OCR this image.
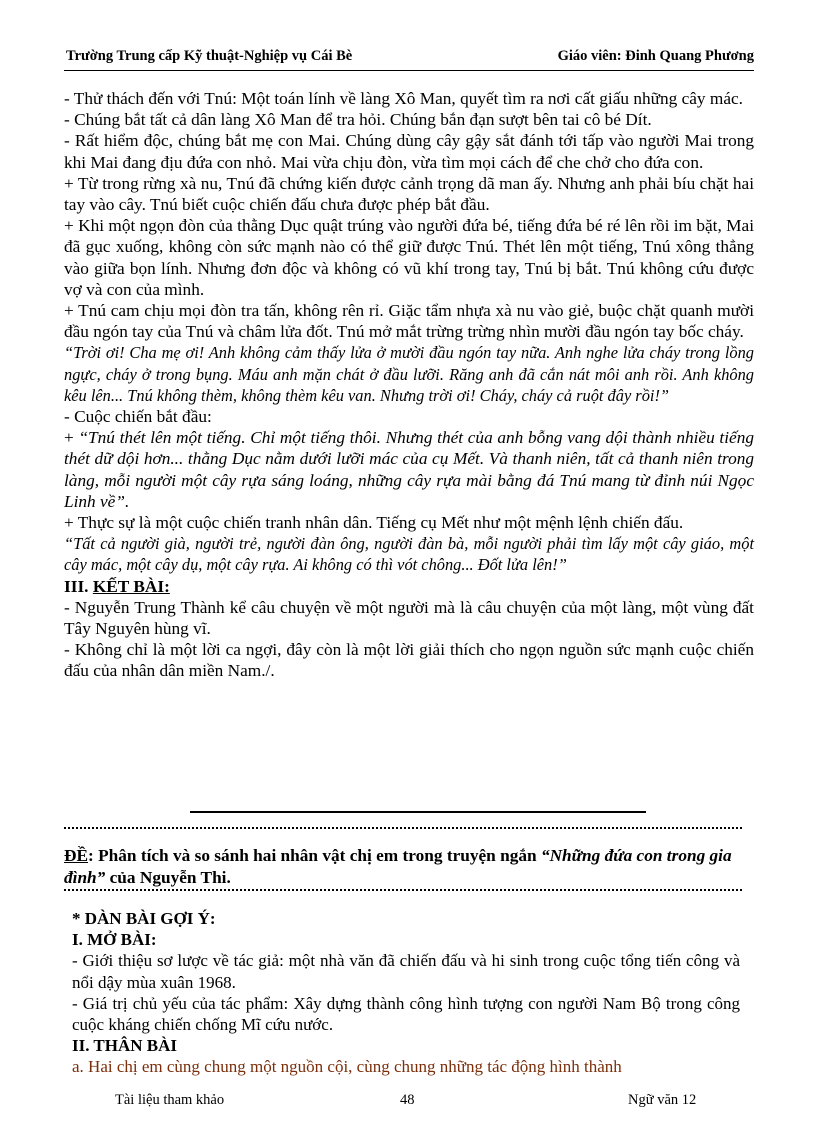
Trường Trung cấp Kỹ thuật-Nghiệp vụ Cái Bè	Giáo viên: Đinh Quang Phương

- Thử thách đến với Tnú: Một toán lính về làng Xô Man, quyết tìm ra nơi cất giấu những cây mác.

- Chúng bắt tất cả dân làng Xô Man để tra hỏi. Chúng bắn đạn sượt bên tai cô bé Dít.

- Rất hiểm độc, chúng bắt mẹ con Mai. Chúng dùng cây gậy sắt đánh tới tấp vào người Mai trong khi Mai đang địu đứa con nhỏ. Mai vừa chịu đòn, vừa tìm mọi cách để che chở cho đứa con.

+ Từ trong rừng xà nu, Tnú đã chứng kiến được cảnh trọng dã man ấy. Nhưng anh phải bíu chặt hai tay vào cây. Tnú biết cuộc chiến đấu chưa được phép bắt đầu.

+ Khi một ngọn đòn của thằng Dục quật trúng vào người đứa bé, tiếng đứa bé ré lên rồi im bặt, Mai đã gục xuống, không còn sức mạnh nào có thể giữ được Tnú. Thét lên một tiếng, Tnú xông thẳng vào giữa bọn lính. Nhưng đơn độc và không có vũ khí trong tay, Tnú bị bắt. Tnú không cứu được vợ và con của mình.

+ Tnú cam chịu mọi đòn tra tấn, không rên rỉ. Giặc tẩm nhựa xà nu vào giẻ, buộc chặt quanh mười đầu ngón tay của Tnú và châm lửa đốt. Tnú mở mắt trừng trừng nhìn mười đầu ngón tay bốc cháy.

“Trời ơi! Cha mẹ ơi! Anh không cảm thấy lửa ở mười đầu ngón tay nữa. Anh nghe lửa cháy trong lồng ngực, cháy ở trong bụng. Máu anh mặn chát ở đầu lưỡi. Răng anh đã cắn nát môi anh rồi. Anh không kêu lên... Tnú không thèm, không thèm kêu van. Nhưng trời ơi! Cháy, cháy cả ruột đây rồi!”

- Cuộc chiến bắt đầu:

+ “Tnú thét lên một tiếng. Chỉ một tiếng thôi. Nhưng thét của anh bỗng vang dội thành nhiều tiếng thét dữ dội hơn... thằng Dục nằm dưới lưỡi mác của cụ Mết. Và thanh niên, tất cả thanh niên trong làng, mỗi người một cây rựa sáng loáng, những cây rựa mài bằng đá Tnú mang từ đỉnh núi Ngọc Linh về”.

+ Thực sự là một cuộc chiến tranh nhân dân. Tiếng cụ Mết như một mệnh lệnh chiến đấu.

“Tất cả người già, người trẻ, người đàn ông, người đàn bà, mỗi người phải tìm lấy một cây giáo, một cây mác, một cây dụ, một cây rựa. Ai không có thì vót chông... Đốt lửa lên!”

III. KẾT BÀI:

- Nguyễn Trung Thành kể câu chuyện về một người mà là câu chuyện của một làng, một vùng đất Tây Nguyên hùng vĩ.

- Không chỉ là một lời ca ngợi, đây còn là một lời giải thích cho ngọn nguồn sức mạnh cuộc chiến đấu của nhân dân miền Nam./.

ĐỀ: Phân tích và so sánh hai nhân vật chị em trong truyện ngắn “Những đứa con trong gia đình” của Nguyễn Thi.

* DÀN BÀI GỢI Ý:

I. MỞ BÀI:

- Giới thiệu sơ lược về tác giả: một nhà văn đã chiến đấu và hi sinh trong cuộc tổng tiến công và nổi dậy mùa xuân 1968.

- Giá trị chủ yếu của tác phẩm: Xây dựng thành công hình tượng con người Nam Bộ trong công cuộc kháng chiến chống Mĩ cứu nước.

II. THÂN BÀI

a. Hai chị em cùng chung một nguồn cội, cùng chung những tác động hình thành

Tài liệu tham khảo	48	Ngữ văn 12
